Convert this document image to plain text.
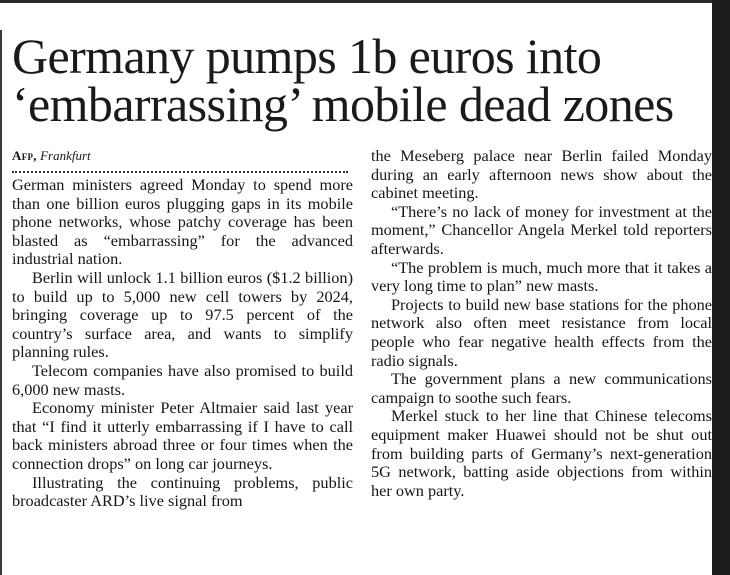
Germany pumps 1b euros into
‘embarrassing’ mobile dead zones
Afp, Frankfurt

German ministers agreed Monday to spend more than one billion euros plugging gaps in its mobile phone networks, whose patchy coverage has been blasted as “embarrassing” for the advanced industrial nation.

Berlin will unlock 1.1 billion euros ($1.2 billion) to build up to 5,000 new cell towers by 2024, bringing coverage up to 97.5 percent of the country’s surface area, and wants to simplify planning rules.

Telecom companies have also promised to build 6,000 new masts.

Economy minister Peter Altmaier said last year that “I find it utterly embarrassing if I have to call back ministers abroad three or four times when the connection drops” on long car journeys.

Illustrating the continuing problems, public broadcaster ARD’s live signal from

the Meseberg palace near Berlin failed Monday during an early afternoon news show about the cabinet meeting.

“There’s no lack of money for investment at the moment,” Chancellor Angela Merkel told reporters afterwards.

“The problem is much, much more that it takes a very long time to plan” new masts.

Projects to build new base stations for the phone network also often meet resistance from local people who fear negative health effects from the radio signals.

The government plans a new communications campaign to soothe such fears.

Merkel stuck to her line that Chinese telecoms equipment maker Huawei should not be shut out from building parts of Germany’s next-generation 5G network, batting aside objections from within her own party.
